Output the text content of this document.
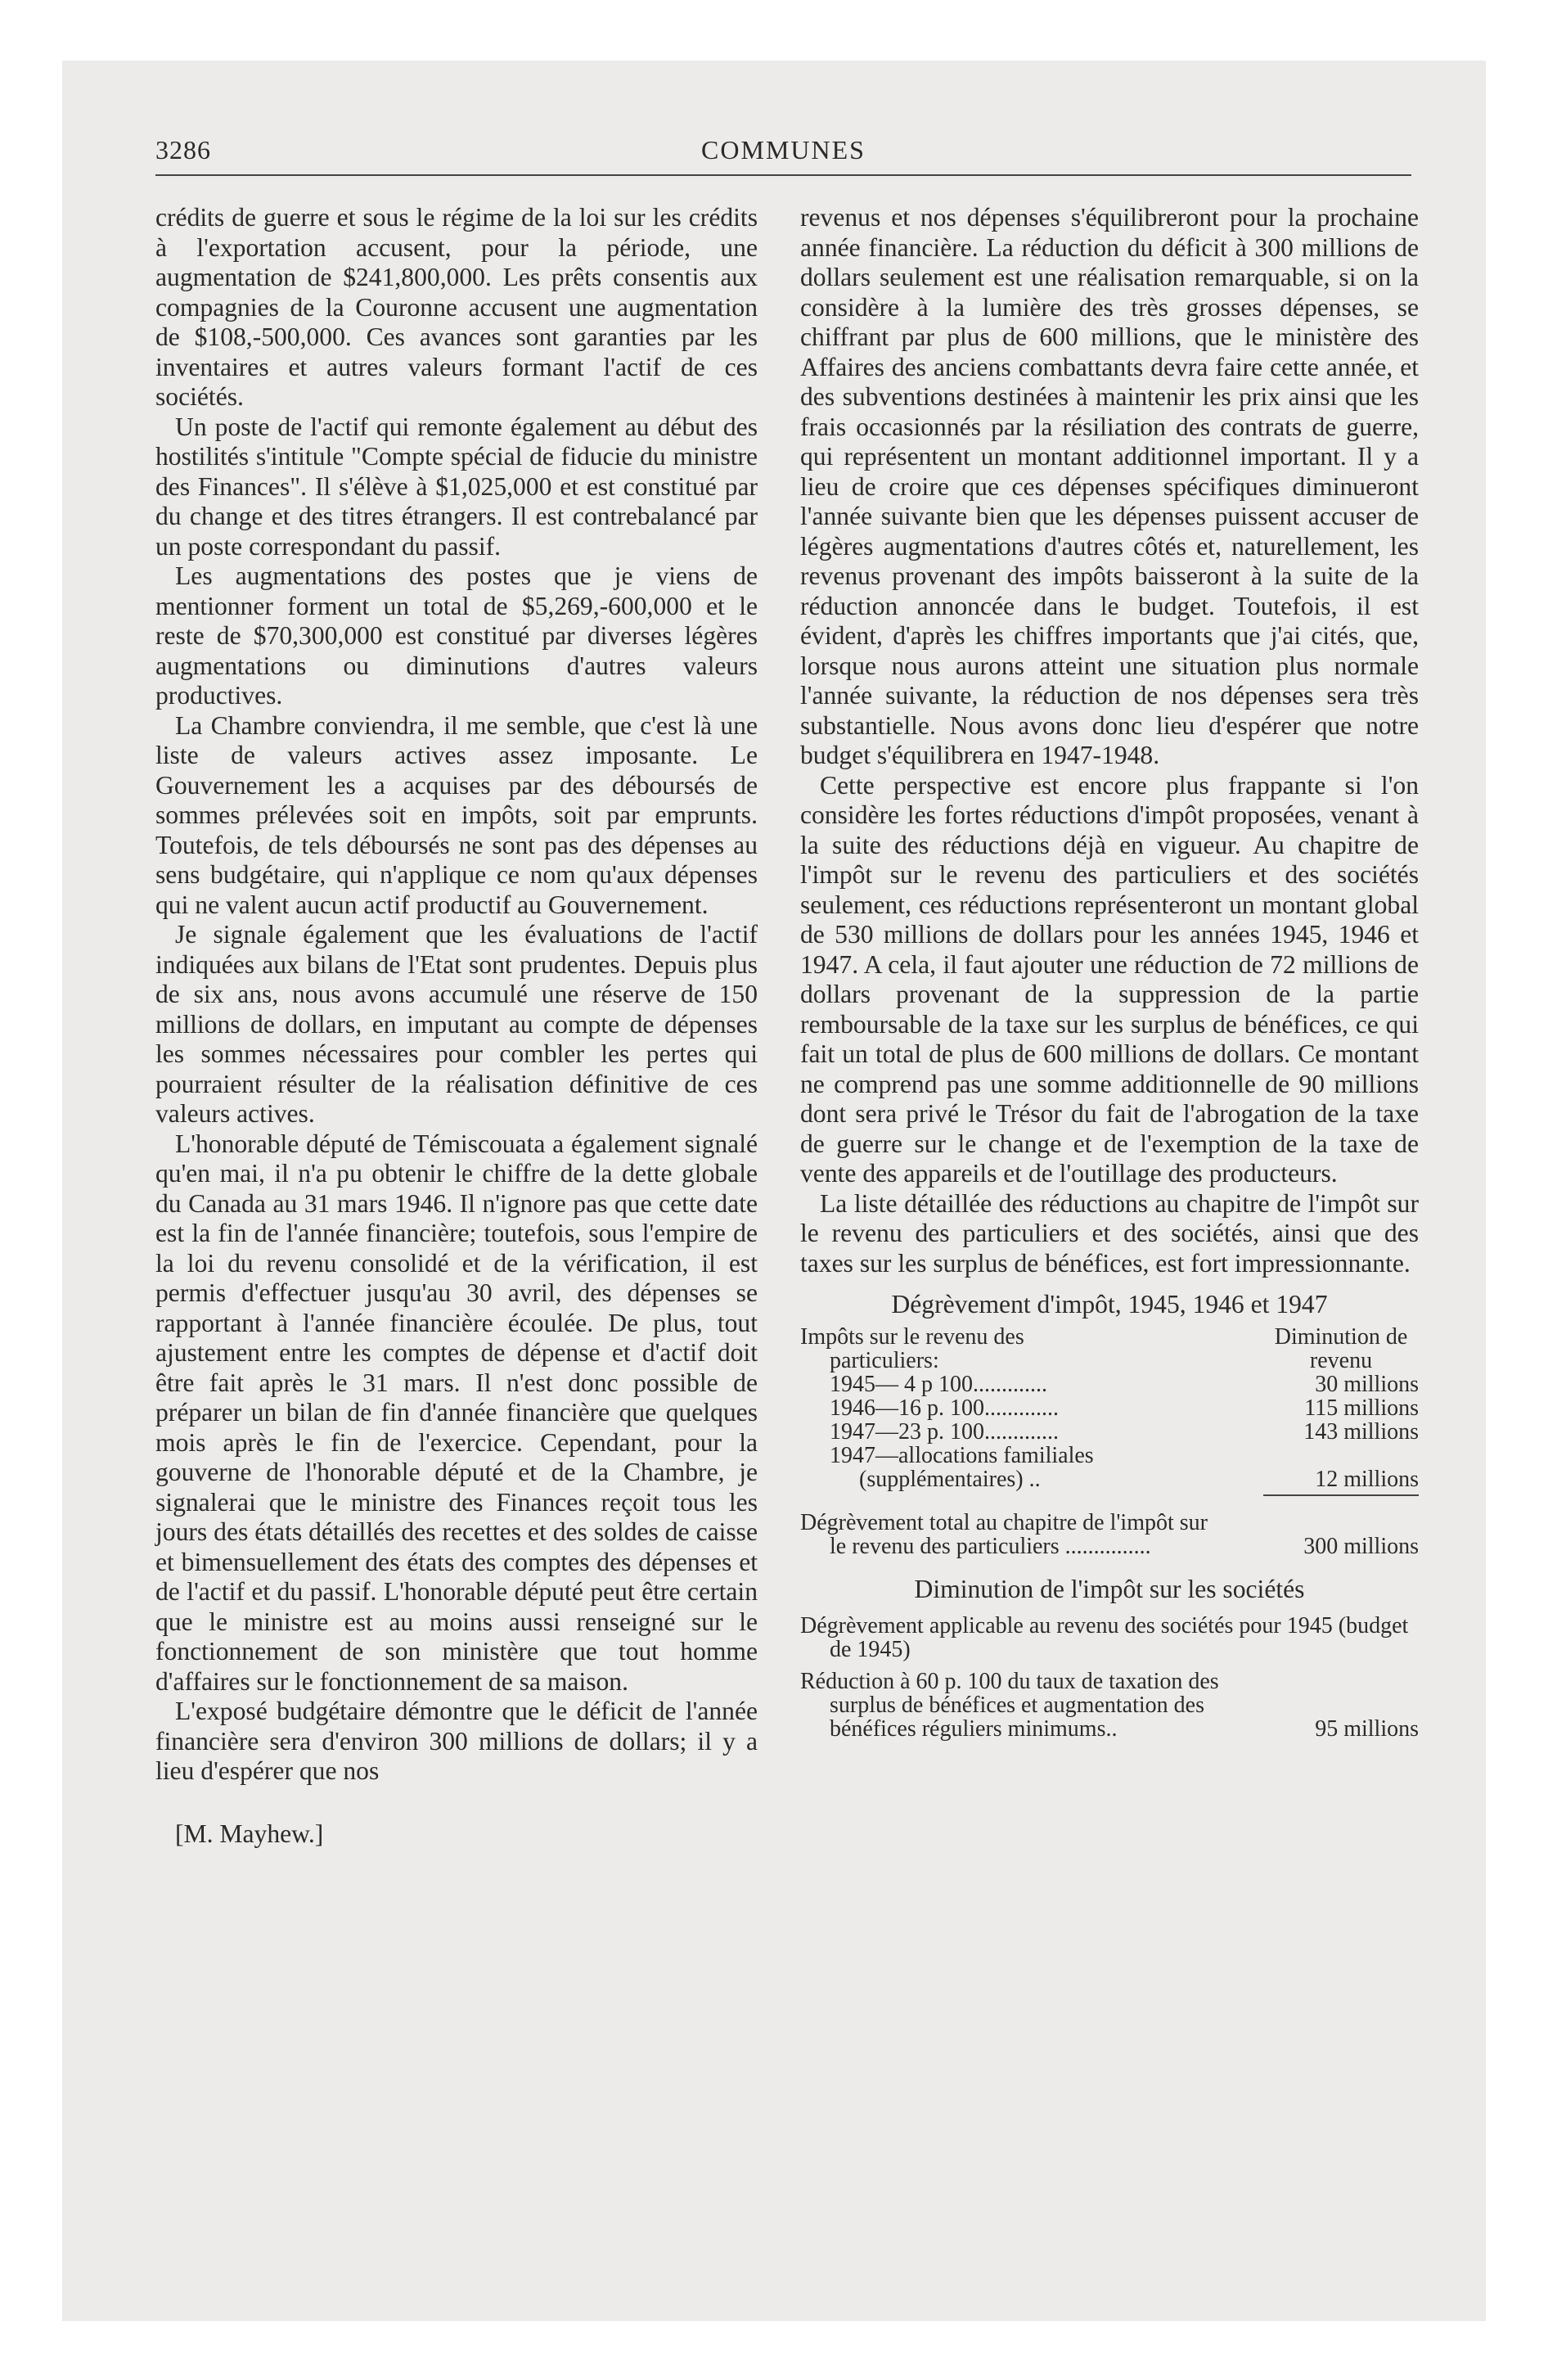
3286	COMMUNES

crédits de guerre et sous le régime de la loi sur les crédits à l'exportation accusent, pour la période, une augmentation de $241,800,000. Les prêts consentis aux compagnies de la Couronne accusent une augmentation de $108,-500,000. Ces avances sont garanties par les inventaires et autres valeurs formant l'actif de ces sociétés.

Un poste de l'actif qui remonte également au début des hostilités s'intitule "Compte spécial de fiducie du ministre des Finances". Il s'élève à $1,025,000 et est constitué par du change et des titres étrangers. Il est contrebalancé par un poste correspondant du passif.

Les augmentations des postes que je viens de mentionner forment un total de $5,269,-600,000 et le reste de $70,300,000 est constitué par diverses légères augmentations ou diminutions d'autres valeurs productives.

La Chambre conviendra, il me semble, que c'est là une liste de valeurs actives assez imposante. Le Gouvernement les a acquises par des déboursés de sommes prélevées soit en impôts, soit par emprunts. Toutefois, de tels déboursés ne sont pas des dépenses au sens budgétaire, qui n'applique ce nom qu'aux dépenses qui ne valent aucun actif productif au Gouvernement.

Je signale également que les évaluations de l'actif indiquées aux bilans de l'Etat sont prudentes. Depuis plus de six ans, nous avons accumulé une réserve de 150 millions de dollars, en imputant au compte de dépenses les sommes nécessaires pour combler les pertes qui pourraient résulter de la réalisation définitive de ces valeurs actives.

L'honorable député de Témiscouata a également signalé qu'en mai, il n'a pu obtenir le chiffre de la dette globale du Canada au 31 mars 1946. Il n'ignore pas que cette date est la fin de l'année financière; toutefois, sous l'empire de la loi du revenu consolidé et de la vérification, il est permis d'effectuer jusqu'au 30 avril, des dépenses se rapportant à l'année financière écoulée. De plus, tout ajustement entre les comptes de dépense et d'actif doit être fait après le 31 mars. Il n'est donc possible de préparer un bilan de fin d'année financière que quelques mois après le fin de l'exercice. Cependant, pour la gouverne de l'honorable député et de la Chambre, je signalerai que le ministre des Finances reçoit tous les jours des états détaillés des recettes et des soldes de caisse et bimensuellement des états des comptes des dépenses et de l'actif et du passif. L'honorable député peut être certain que le ministre est au moins aussi renseigné sur le fonctionnement de son ministère que tout homme d'affaires sur le fonctionnement de sa maison.

L'exposé budgétaire démontre que le déficit de l'année financière sera d'environ 300 millions de dollars; il y a lieu d'espérer que nos

[M. Mayhew.]

revenus et nos dépenses s'équilibreront pour la prochaine année financière. La réduction du déficit à 300 millions de dollars seulement est une réalisation remarquable, si on la considère à la lumière des très grosses dépenses, se chiffrant par plus de 600 millions, que le ministère des Affaires des anciens combattants devra faire cette année, et des subventions destinées à maintenir les prix ainsi que les frais occasionnés par la résiliation des contrats de guerre, qui représentent un montant additionnel important. Il y a lieu de croire que ces dépenses spécifiques diminueront l'année suivante bien que les dépenses puissent accuser de légères augmentations d'autres côtés et, naturellement, les revenus provenant des impôts baisseront à la suite de la réduction annoncée dans le budget. Toutefois, il est évident, d'après les chiffres importants que j'ai cités, que, lorsque nous aurons atteint une situation plus normale l'année suivante, la réduction de nos dépenses sera très substantielle. Nous avons donc lieu d'espérer que notre budget s'équilibrera en 1947-1948.

Cette perspective est encore plus frappante si l'on considère les fortes réductions d'impôt proposées, venant à la suite des réductions déjà en vigueur. Au chapitre de l'impôt sur le revenu des particuliers et des sociétés seulement, ces réductions représenteront un montant global de 530 millions de dollars pour les années 1945, 1946 et 1947. A cela, il faut ajouter une réduction de 72 millions de dollars provenant de la suppression de la partie remboursable de la taxe sur les surplus de bénéfices, ce qui fait un total de plus de 600 millions de dollars. Ce montant ne comprend pas une somme additionnelle de 90 millions dont sera privé le Trésor du fait de l'abrogation de la taxe de guerre sur le change et de l'exemption de la taxe de vente des appareils et de l'outillage des producteurs.

La liste détaillée des réductions au chapitre de l'impôt sur le revenu des particuliers et des sociétés, ainsi que des taxes sur les surplus de bénéfices, est fort impressionnante.

Dégrèvement d'impôt, 1945, 1946 et 1947
Impôts sur le revenu des particuliers:
Diminution de revenu
1945— 4 p 100.............	30 millions
1946—16 p. 100.............	115 millions
1947—23 p. 100.............	143 millions
1947—allocations familiales (supplémentaires) ..	12 millions
Dégrèvement total au chapitre de l'impôt sur le revenu des particuliers ...............	300 millions
Diminution de l'impôt sur les sociétés
Dégrèvement applicable au revenu des sociétés pour 1945 (budget de 1945)
Réduction à 60 p. 100 du taux de taxation des surplus de bénéfices et augmentation des bénéfices réguliers minimums..	95 millions
